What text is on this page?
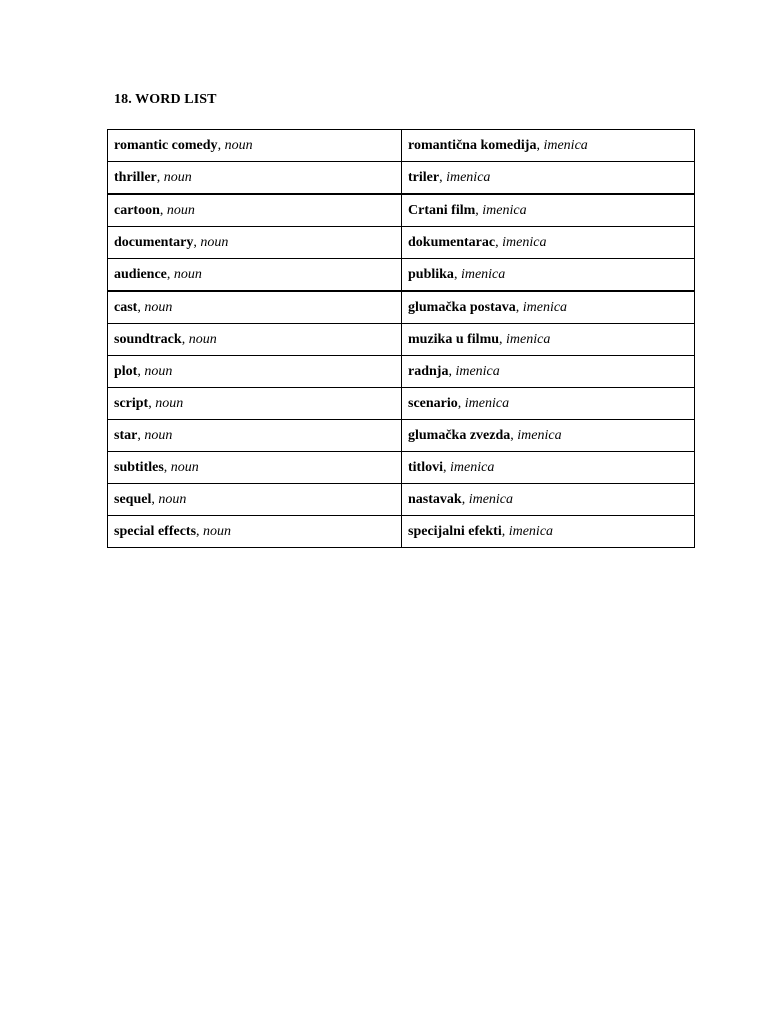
18. WORD LIST
romantic comedy, noun	romantična komedija, imenica
thriller, noun	triler, imenica
cartoon, noun	Crtani film, imenica
documentary, noun	dokumentarac, imenica
audience, noun	publika, imenica
cast, noun	glumačka postava, imenica
soundtrack, noun	muzika u filmu, imenica
plot, noun	radnja, imenica
script, noun	scenario, imenica
star, noun	glumačka zvezda, imenica
subtitles, noun	titlovi, imenica
sequel, noun	nastavak, imenica
special effects, noun	specijalni efekti, imenica
